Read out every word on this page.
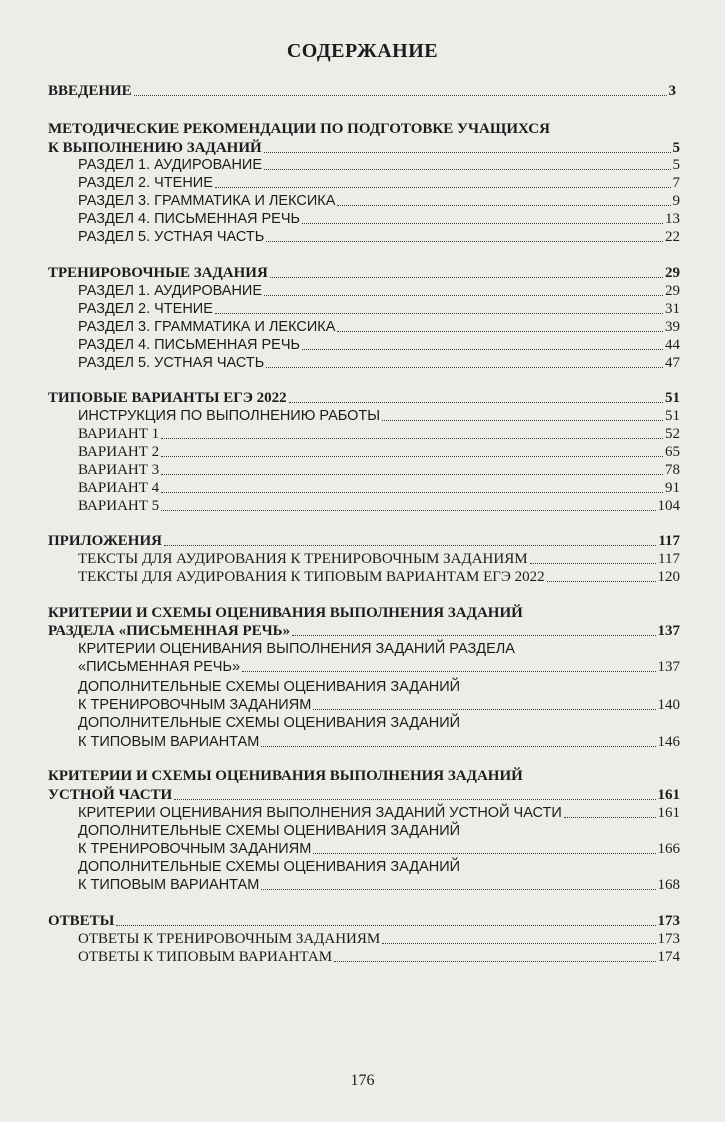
СОДЕРЖАНИЕ
ВВЕДЕНИЕ	3
МЕТОДИЧЕСКИЕ РЕКОМЕНДАЦИИ ПО ПОДГОТОВКЕ УЧАЩИХСЯ
К ВЫПОЛНЕНИЮ ЗАДАНИЙ	5
РАЗДЕЛ 1. АУДИРОВАНИЕ	5
РАЗДЕЛ 2. ЧТЕНИЕ	7
РАЗДЕЛ 3. ГРАММАТИКА И ЛЕКСИКА	9
РАЗДЕЛ 4. ПИСЬМЕННАЯ РЕЧЬ	13
РАЗДЕЛ 5. УСТНАЯ ЧАСТЬ	22
ТРЕНИРОВОЧНЫЕ ЗАДАНИЯ	29
РАЗДЕЛ 1. АУДИРОВАНИЕ	29
РАЗДЕЛ 2. ЧТЕНИЕ	31
РАЗДЕЛ 3. ГРАММАТИКА И ЛЕКСИКА	39
РАЗДЕЛ 4. ПИСЬМЕННАЯ РЕЧЬ	44
РАЗДЕЛ 5. УСТНАЯ ЧАСТЬ	47
ТИПОВЫЕ ВАРИАНТЫ ЕГЭ 2022	51
ИНСТРУКЦИЯ ПО ВЫПОЛНЕНИЮ РАБОТЫ	51
ВАРИАНТ 1	52
ВАРИАНТ 2	65
ВАРИАНТ 3	78
ВАРИАНТ 4	91
ВАРИАНТ 5	104
ПРИЛОЖЕНИЯ	117
ТЕКСТЫ ДЛЯ АУДИРОВАНИЯ К ТРЕНИРОВОЧНЫМ ЗАДАНИЯМ	117
ТЕКСТЫ ДЛЯ АУДИРОВАНИЯ К ТИПОВЫМ ВАРИАНТАМ ЕГЭ 2022	120
КРИТЕРИИ И СХЕМЫ ОЦЕНИВАНИЯ ВЫПОЛНЕНИЯ ЗАДАНИЙ
РАЗДЕЛА «ПИСЬМЕННАЯ РЕЧЬ»	137
КРИТЕРИИ ОЦЕНИВАНИЯ ВЫПОЛНЕНИЯ ЗАДАНИЙ РАЗДЕЛА
«ПИСЬМЕННАЯ РЕЧЬ»	137
ДОПОЛНИТЕЛЬНЫЕ СХЕМЫ ОЦЕНИВАНИЯ ЗАДАНИЙ
К ТРЕНИРОВОЧНЫМ ЗАДАНИЯМ	140
ДОПОЛНИТЕЛЬНЫЕ СХЕМЫ ОЦЕНИВАНИЯ ЗАДАНИЙ
К ТИПОВЫМ ВАРИАНТАМ	146
КРИТЕРИИ И СХЕМЫ ОЦЕНИВАНИЯ ВЫПОЛНЕНИЯ ЗАДАНИЙ
УСТНОЙ ЧАСТИ	161
КРИТЕРИИ ОЦЕНИВАНИЯ ВЫПОЛНЕНИЯ ЗАДАНИЙ УСТНОЙ ЧАСТИ	161
ДОПОЛНИТЕЛЬНЫЕ СХЕМЫ ОЦЕНИВАНИЯ ЗАДАНИЙ
К ТРЕНИРОВОЧНЫМ ЗАДАНИЯМ	166
ДОПОЛНИТЕЛЬНЫЕ СХЕМЫ ОЦЕНИВАНИЯ ЗАДАНИЙ
К ТИПОВЫМ ВАРИАНТАМ	168
ОТВЕТЫ	173
ОТВЕТЫ К ТРЕНИРОВОЧНЫМ ЗАДАНИЯМ	173
ОТВЕТЫ К ТИПОВЫМ ВАРИАНТАМ	174
176
